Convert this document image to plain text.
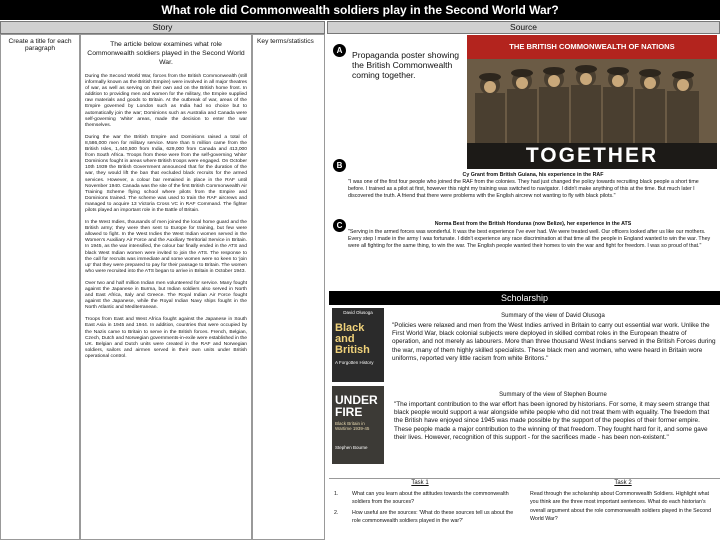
What role did Commonwealth soldiers play in the Second World War?
Story	Source
Create a title for each paragraph
The article below examines what role Commonwealth soldiers played in the Second World War.
During the Second World War, forces from the British Commonwealth (still informally known as the British Empire) were involved in all major theatres of war, as well as serving on their own and on the British home front. In addition to providing men and women for the military, the Empire supplied raw materials and goods to Britain. At the outbreak of war, areas of the Empire governed by London such as India had no choice but to automatically join the war; Dominions such as Australia and Canada were self-governing 'white' areas, made the decision to enter the war themselves.
During the war the British Empire and Dominions raised a total of 8,586,000 men for military service. More than 5 million came from the British Isles, 1,440,500 from India, 629,000 from Canada and 413,000 from South Africa. Troops from these were from the self-governing 'white' Dominions fought in areas where British troops were engaged. On October 10th 1939 the British Government announced that for the duration of the war, they would lift the ban that excluded black recruits for the armed services. However, a colour bar remained in place in the RAF until November 1940. Canada was the site of the first British Commonwealth Air Training Scheme flying school where pilots from the Empire and Dominions trained. The scheme was used to train the RAF aircrews and managed to acquire 13 Victoria Cross VC in RAF Command. The fighter pilots played an important role in the Battle of Britain.
In the West Indies, thousands of men joined the local home guard and the British army; they were then sent to Europe for training, but few were allowed to fight. In the West Indies the West Indian women served in the Women's Auxiliary Air Force and the Auxiliary Territorial Service in Britain. In 1945, as the war intensified, the colour bar finally ended in the ATS and black West Indian women were invited to join the ATS. The response to the call for recruits was immediate and some women were so keen to 'join up' that they were prepared to pay for their passage to Britain. The women who were recruited into the ATS began to arrive in Britain in October 1943.
Over two and half million Indian men volunteered for service. Many fought against the Japanese in Burma, but Indian soldiers also served in North and East Africa, Italy and Greece. The Royal Indian Air Force fought against the Japanese, while the Royal Indian Navy ships fought in the North Atlantic and Mediterranean.
Troops from East and West Africa fought against the Japanese in South East Asia in 1945 and 1944. In addition, countries that were occupied by the Nazis came to Britain to serve in the British forces. French, Belgian, Czech, Dutch and Norwegian governments-in-exile were established in the UK. Belgian and Dutch units were created in the RAF and Norwegian soldiers, sailors and airmen served in their own units under British operational control.
Key terms/statistics
A	Propaganda poster showing the British Commonwealth coming together.
THE BRITISH COMMONWEALTH OF NATIONS
TOGETHER
B
Cy Grant from British Guiana, his experience in the RAF
"I was one of the first four people who joined the RAF from the colonies. They had just changed the policy towards recruiting black people a short time before. I trained as a pilot at first, however this night my training was switched to navigator. I didn't make anything of this at the time. But much later I discovered the truth. A friend that there were problems with the English aircrew not wanting to fly with black pilots."
C	Norma Best from the British Honduras (now Belize), her experience in the ATS
"Serving in the armed forces was wonderful. It was the best experience I've ever had. We were treated well. Our officers looked after us like our mothers. Every step I made in the army I was fortunate. I didn't experience any race discrimination at that time all the people in England wanted to win the war. They were all fighting for the same thing, to win the war. The English people wanted their homes to win the war and fight for freedom. I was so proud of that."
Scholarship
David Olusoga
Black and British
A Forgotten History
Summary of the view of David Olusoga
"Policies were relaxed and men from the West Indies arrived in Britain to carry out essential war work. Unlike the First World War, black colonial subjects were deployed in skilled combat roles in the European theatre of operation, and not merely as labourers. More than three thousand West Indians served in the British Forces during the war, many of them highly skilled specialists. These black men and women, who were heard in Britain wore uniforms, reported very little racism from white Britons."
UNDER FIRE
Black Britain in Wartime 1939-45
Stephen Bourne
Summary of the view of Stephen Bourne
"The important contribution to the war effort has been ignored by historians. For some, it may seem strange that black people would support a war alongside white people who did not treat them with equality. The freedom that the British have enjoyed since 1945 was made possible by the support of the peoples of their former empire. These people made a major contribution to the winning of that freedom. They fought hard for it, and some gave their lives. However, recognition of this support - for the sacrifices made - has been non-existent."
Task 1
1.	What can you learn about the attitudes towards the commonwealth soldiers from the sources?
2.	How useful are the sources: 'What do these sources tell us about the role commonwealth soldiers played in the war?'
Task 2
Read through the scholarship about Commonwealth Soldiers. Highlight what you think are the three most important sentences. What do each historian's overall argument about the role commonwealth soldiers played in the Second World War?
